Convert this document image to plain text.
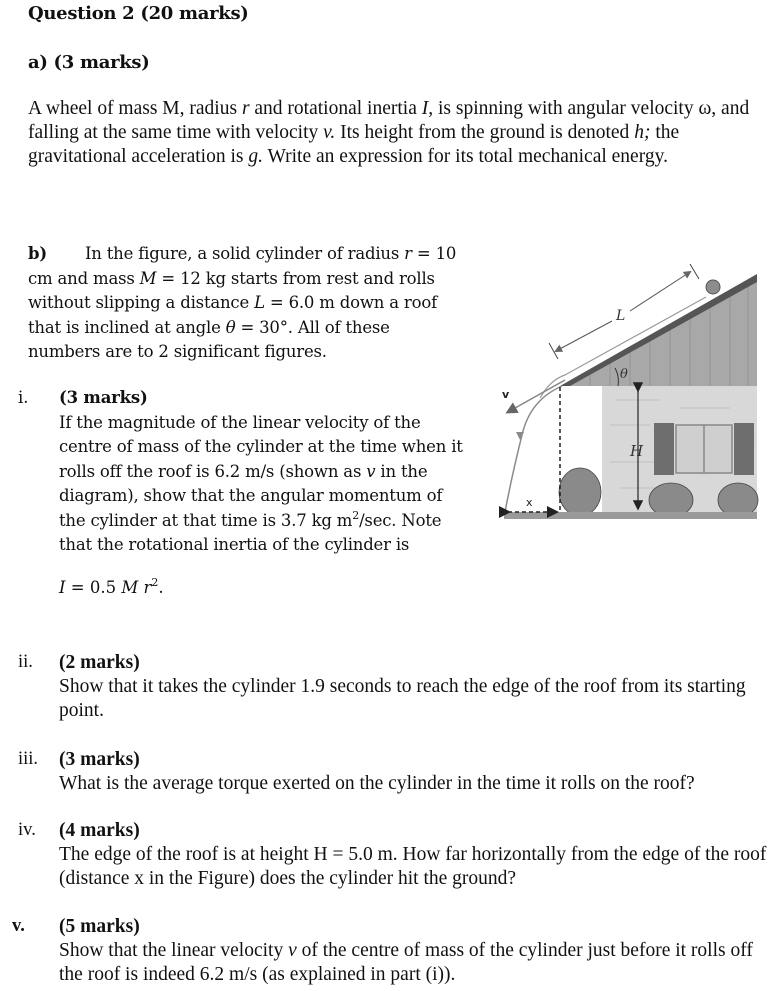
Question 2 (20 marks)
a) (3 marks)
A wheel of mass M, radius r and rotational inertia I, is spinning with angular velocity ω, and falling at the same time with velocity v. Its height from the ground is denoted h; the gravitational acceleration is g. Write an expression for its total mechanical energy.
b) In the figure, a solid cylinder of radius r = 10 cm and mass M = 12 kg starts from rest and rolls without slipping a distance L = 6.0 m down a roof that is inclined at angle θ = 30°. All of these numbers are to 2 significant figures.
i. (3 marks)
If the magnitude of the linear velocity of the centre of mass of the cylinder at the time when it rolls off the roof is 6.2 m/s (shown as v in the diagram), show that the angular momentum of the cylinder at that time is 3.7 kg $m^2/\sec$. Note that the rotational inertia of the cylinder is
I = 0.5 M $r^2$.
ii. (2 marks)
Show that it takes the cylinder 1.9 seconds to reach the edge of the roof from its starting point.
iii. (3 marks)
What is the average torque exerted on the cylinder in the time it rolls on the roof?
iv. (4 marks)
The edge of the roof is at height H = 5.0 m. How far horizontally from the edge of the roof (distance x in the Figure) does the cylinder hit the ground?
v. (5 marks)
Show that the linear velocity v of the centre of mass of the cylinder just before it rolls off the roof is indeed 6.2 m/s (as explained in part (i)).
H
θ
L
v
x
